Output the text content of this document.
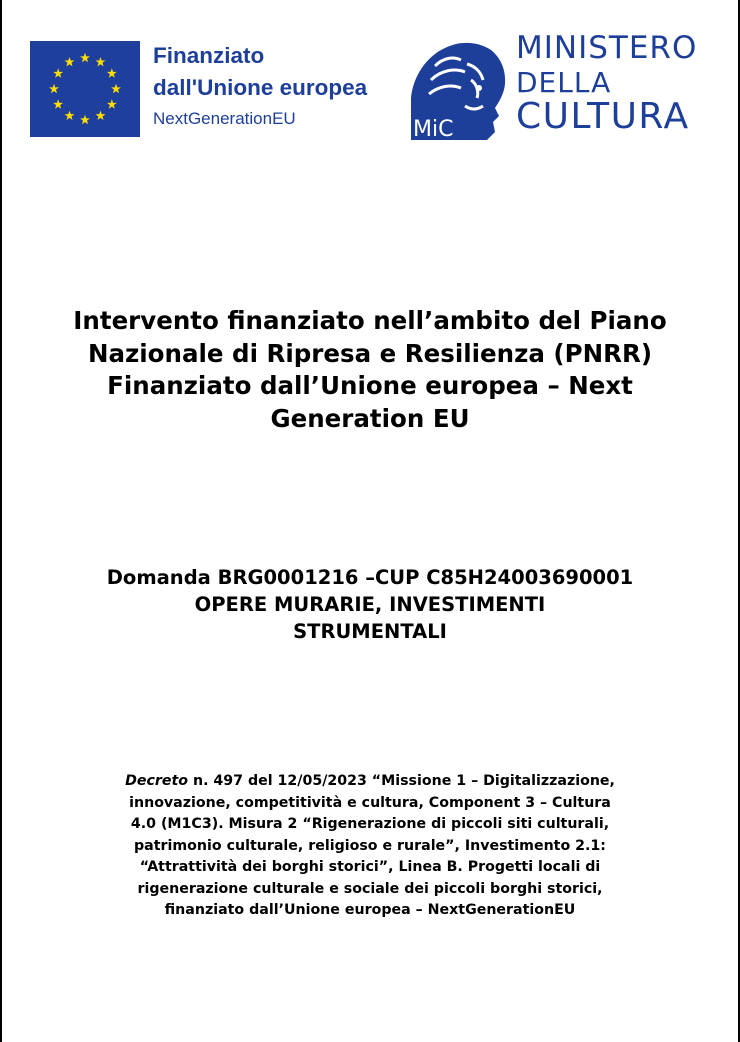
Finanziato
dall'Unione europea
NextGenerationEU	MiC
MINISTERO
DELLA
CULTURA
Intervento finanziato nell’ambito del Piano
Nazionale di Ripresa e Resilienza (PNRR)
Finanziato dall’Unione europea – Next
Generation EU
Domanda BRG0001216 –CUP C85H24003690001
OPERE MURARIE, INVESTIMENTI
STRUMENTALI
Decreto n. 497 del 12/05/2023 “Missione 1 – Digitalizzazione,
innovazione, competitività e cultura, Component 3 – Cultura
4.0 (M1C3). Misura 2 “Rigenerazione di piccoli siti culturali,
patrimonio culturale, religioso e rurale”, Investimento 2.1:
“Attrattività dei borghi storici”, Linea B. Progetti locali di
rigenerazione culturale e sociale dei piccoli borghi storici,
finanziato dall’Unione europea – NextGenerationEU
